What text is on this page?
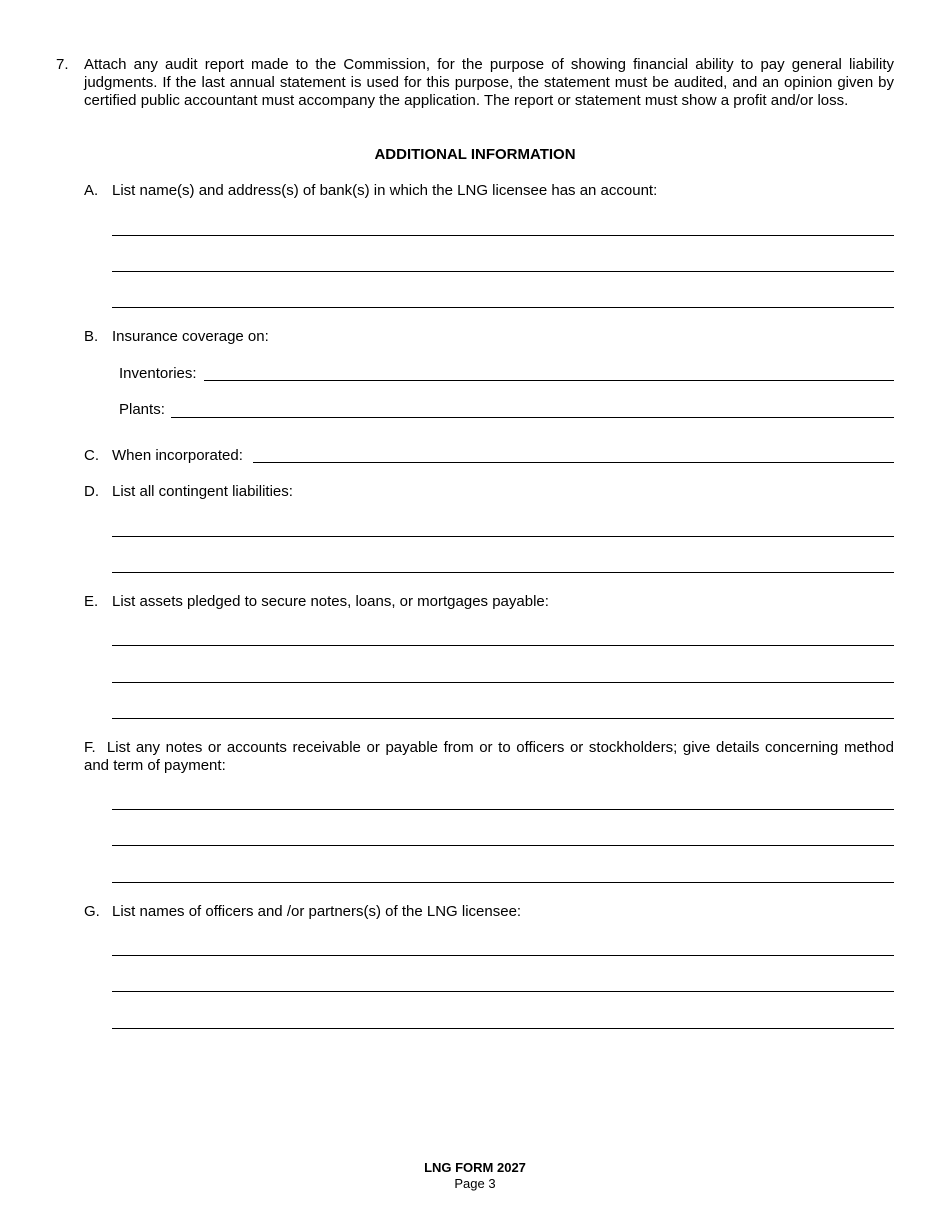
7. Attach any audit report made to the Commission, for the purpose of showing financial ability to pay general liability judgments. If the last annual statement is used for this purpose, the statement must be audited, and an opinion given by certified public accountant must accompany the application. The report or statement must show a profit and/or loss.
ADDITIONAL INFORMATION
A. List name(s) and address(s) of bank(s) in which the LNG licensee has an account:
B. Insurance coverage on:
Inventories:
Plants:
C. When incorporated:
D. List all contingent liabilities:
E. List assets pledged to secure notes, loans, or mortgages payable:
F. List any notes or accounts receivable or payable from or to officers or stockholders; give details concerning method and term of payment:
G. List names of officers and /or partners(s) of the LNG licensee:
LNG FORM 2027
Page 3
